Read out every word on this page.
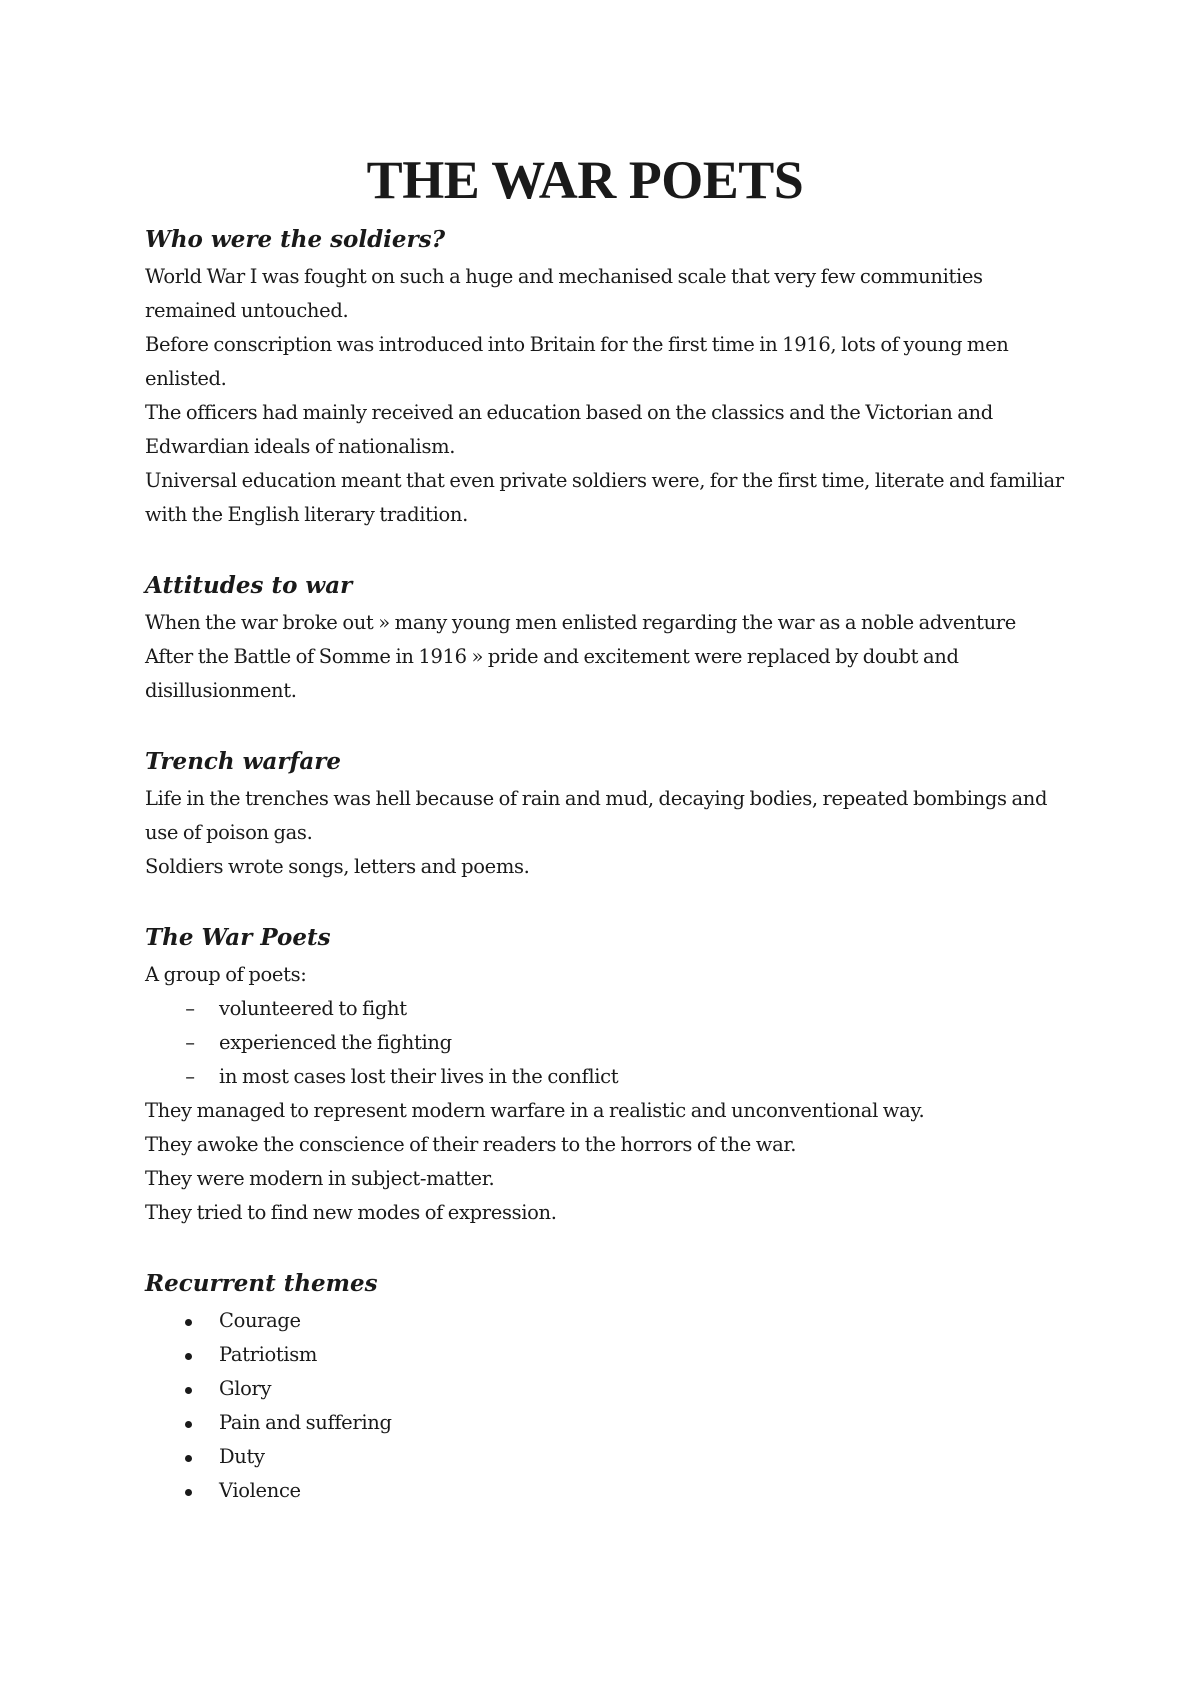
THE WAR POETS
Who were the soldiers?

World War I was fought on such a huge and mechanised scale that very few communities remained untouched.

Before conscription was introduced into Britain for the first time in 1916, lots of young men enlisted.

The officers had mainly received an education based on the classics and the Victorian and Edwardian ideals of nationalism.

Universal education meant that even private soldiers were, for the first time, literate and familiar with the English literary tradition.

Attitudes to war

When the war broke out » many young men enlisted regarding the war as a noble adventure

After the Battle of Somme in 1916 » pride and excitement were replaced by doubt and disillusionment.

Trench warfare

Life in the trenches was hell because of rain and mud, decaying bodies, repeated bombings and use of poison gas.

Soldiers wrote songs, letters and poems.

The War Poets

A group of poets:

– volunteered to fight
– experienced the fighting
– in most cases lost their lives in the conflict

They managed to represent modern warfare in a realistic and unconventional way.

They awoke the conscience of their readers to the horrors of the war.

They were modern in subject-matter.

They tried to find new modes of expression.

Recurrent themes
Courage
Patriotism
Glory
Pain and suffering
Duty
Violence
